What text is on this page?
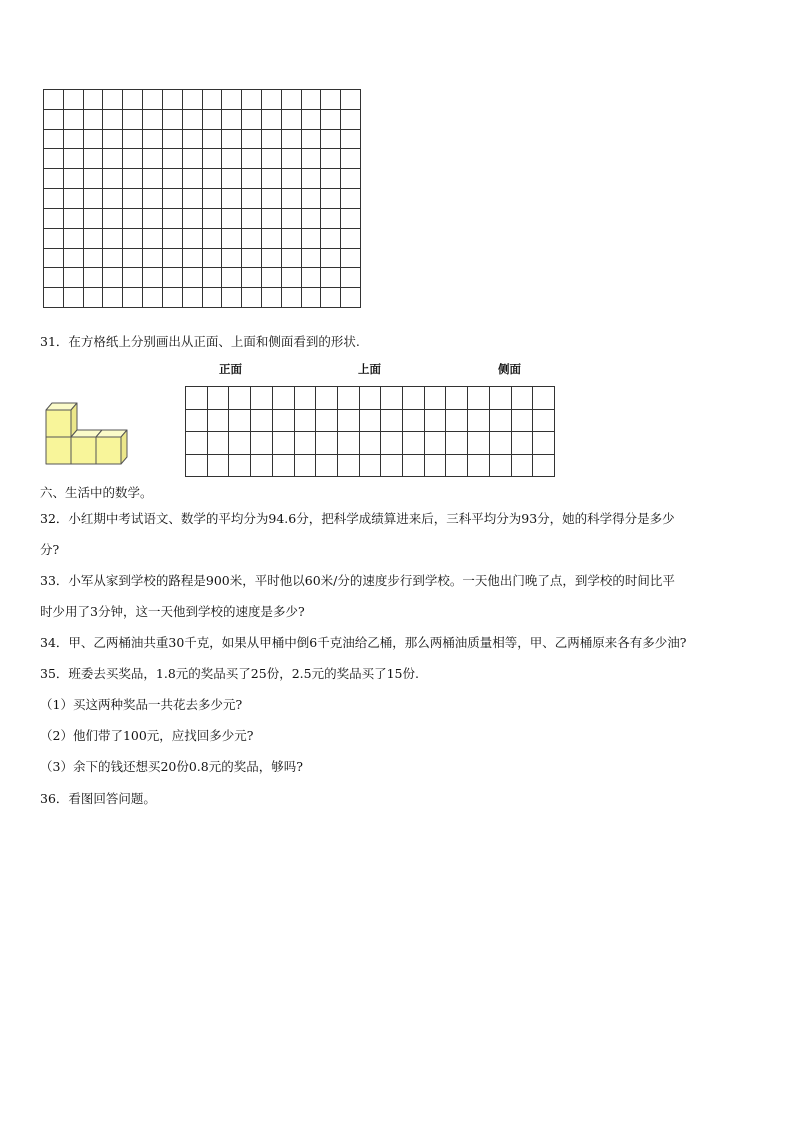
31．在方格纸上分别画出从正面、上面和侧面看到的形状.
正面	上面	侧面

六、生活中的数学。
32．小红期中考试语文、数学的平均分为94.6分，把科学成绩算进来后，三科平均分为93分，她的科学得分是多少
分?
33．小军从家到学校的路程是900米，平时他以60米/分的速度步行到学校。一天他出门晚了点，到学校的时间比平
时少用了3分钟，这一天他到学校的速度是多少?
34．甲、乙两桶油共重30千克，如果从甲桶中倒6千克油给乙桶，那么两桶油质量相等，甲、乙两桶原来各有多少油?
35．班委去买奖品，1.8元的奖品买了25份，2.5元的奖品买了15份.
（1）买这两种奖品一共花去多少元?
（2）他们带了100元，应找回多少元?
（3）余下的钱还想买20份0.8元的奖品，够吗?
36．看图回答问题。
